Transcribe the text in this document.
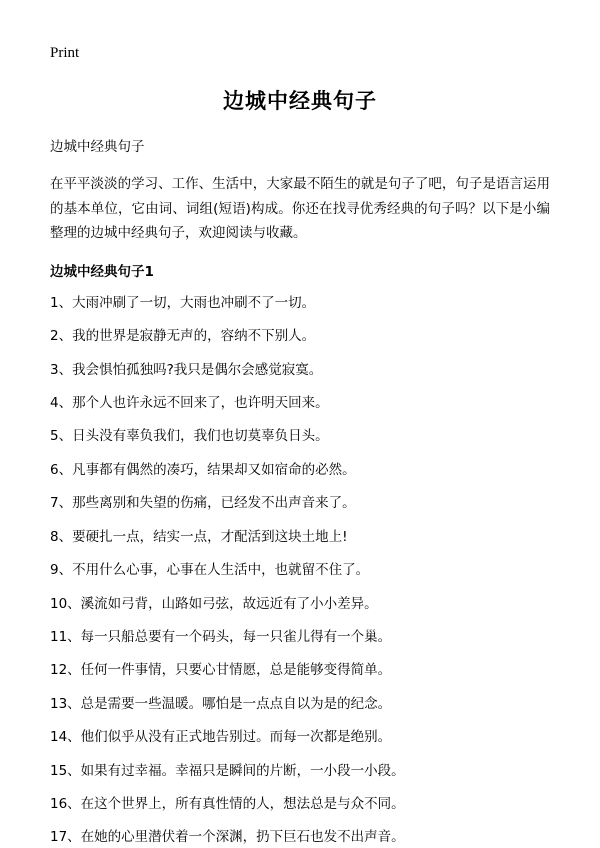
Print
边城中经典句子

边城中经典句子

在平平淡淡的学习、工作、生活中，大家最不陌生的就是句子了吧，句子是语言运用的基本单位，它由词、词组(短语)构成。你还在找寻优秀经典的句子吗？以下是小编整理的边城中经典句子，欢迎阅读与收藏。

边城中经典句子1
1、大雨冲刷了一切，大雨也冲刷不了一切。
2、我的世界是寂静无声的，容纳不下别人。
3、我会惧怕孤独吗?我只是偶尔会感觉寂寞。
4、那个人也许永远不回来了，也许明天回来。
5、日头没有辜负我们，我们也切莫辜负日头。
6、凡事都有偶然的凑巧，结果却又如宿命的必然。
7、那些离别和失望的伤痛，已经发不出声音来了。
8、要硬扎一点，结实一点，才配活到这块土地上!
9、不用什么心事，心事在人生活中，也就留不住了。
10、溪流如弓背，山路如弓弦，故远近有了小小差异。
11、每一只船总要有一个码头，每一只雀儿得有一个巢。
12、任何一件事情，只要心甘情愿，总是能够变得简单。
13、总是需要一些温暖。哪怕是一点点自以为是的纪念。
14、他们似乎从没有正式地告别过。而每一次都是绝别。
15、如果有过幸福。幸福只是瞬间的片断，一小段一小段。
16、在这个世界上，所有真性情的人，想法总是与众不同。
17、在她的心里潜伏着一个深渊，扔下巨石也发不出声音。
